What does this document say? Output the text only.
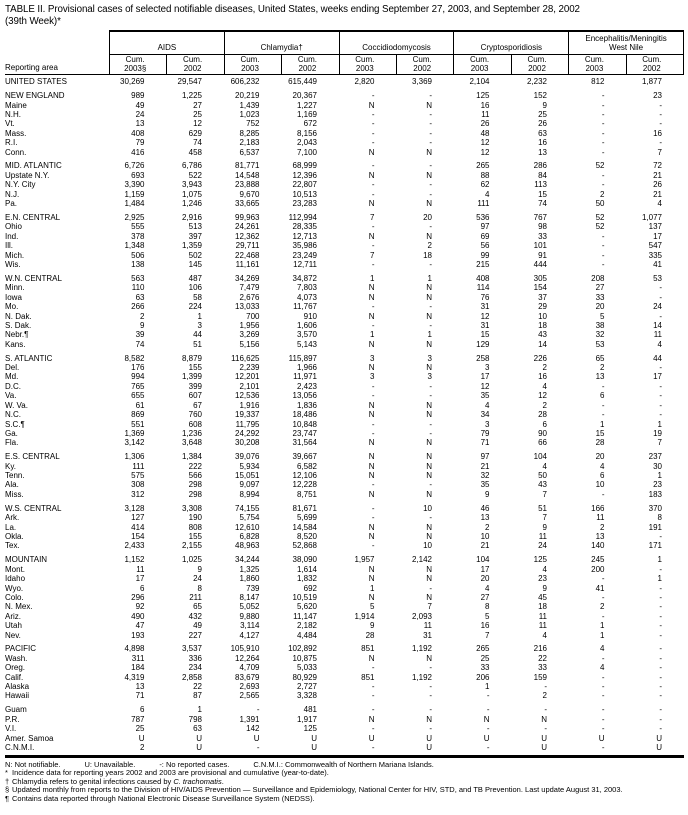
TABLE II. Provisional cases of selected notifiable diseases, United States, weeks ending September 27, 2003, and September 28, 2002
(39th Week)*
Reporting area
AIDS
Cum.
2003§
Cum.
2002
Chlamydia†
Cum.
2003
Cum.
2002
Coccidiodomycosis
Cum.
2003
Cum.
2002
Cryptosporidiosis
Cum.
2003
Cum.
2002
Encephalitis/Meningitis
West Nile
Cum.
2003
Cum.
2002
UNITED STATES	30,269	29,547	606,232	615,449	2,820	3,369	2,104	2,232	812	1,877
NEW ENGLAND	989	1,225	20,219	20,367	-	-	125	152	-	23
Maine	49	27	1,439	1,227	N	N	16	9	-	-
N.H.	24	25	1,023	1,169	-	-	11	25	-	-
Vt.	13	12	752	672	-	-	26	26	-	-
Mass.	408	629	8,285	8,156	-	-	48	63	-	16
R.I.	79	74	2,183	2,043	-	-	12	16	-	-
Conn.	416	458	6,537	7,100	N	N	12	13	-	7
MID. ATLANTIC	6,726	6,786	81,771	68,999	-	-	265	286	52	72
Upstate N.Y.	693	522	14,548	12,396	N	N	88	84	-	21
N.Y. City	3,390	3,943	23,888	22,807	-	-	62	113	-	26
N.J.	1,159	1,075	9,670	10,513	-	-	4	15	2	21
Pa.	1,484	1,246	33,665	23,283	N	N	111	74	50	4
E.N. CENTRAL	2,925	2,916	99,963	112,994	7	20	536	767	52	1,077
Ohio	555	513	24,261	28,335	-	-	97	98	52	137
Ind.	378	397	12,362	12,713	N	N	69	33	-	17
Ill.	1,348	1,359	29,711	35,986	-	2	56	101	-	547
Mich.	506	502	22,468	23,249	7	18	99	91	-	335
Wis.	138	145	11,161	12,711	-	-	215	444	-	41
W.N. CENTRAL	563	487	34,269	34,872	1	1	408	305	208	53
Minn.	110	106	7,479	7,803	N	N	114	154	27	-
Iowa	63	58	2,676	4,073	N	N	76	37	33	-
Mo.	266	224	13,033	11,767	-	-	31	29	20	24
N. Dak.	2	1	700	910	N	N	12	10	5	-
S. Dak.	9	3	1,956	1,606	-	-	31	18	38	14
Nebr.¶	39	44	3,269	3,570	1	1	15	43	32	11
Kans.	74	51	5,156	5,143	N	N	129	14	53	4
S. ATLANTIC	8,582	8,879	116,625	115,897	3	3	258	226	65	44
Del.	176	155	2,239	1,966	N	N	3	2	2	-
Md.	994	1,399	12,201	11,971	3	3	17	16	13	17
D.C.	765	399	2,101	2,423	-	-	12	4	-	-
Va.	655	607	12,536	13,056	-	-	35	12	6	-
W. Va.	61	67	1,916	1,836	N	N	4	2	-	-
N.C.	869	760	19,337	18,486	N	N	34	28	-	-
S.C.¶	551	608	11,795	10,848	-	-	3	6	1	1
Ga.	1,369	1,236	24,292	23,747	-	-	79	90	15	19
Fla.	3,142	3,648	30,208	31,564	N	N	71	66	28	7
E.S. CENTRAL	1,306	1,384	39,076	39,667	N	N	97	104	20	237
Ky.	111	222	5,934	6,582	N	N	21	4	4	30
Tenn.	575	566	15,051	12,106	N	N	32	50	6	1
Ala.	308	298	9,097	12,228	-	-	35	43	10	23
Miss.	312	298	8,994	8,751	N	N	9	7	-	183
W.S. CENTRAL	3,128	3,308	74,155	81,671	-	10	46	51	166	370
Ark.	127	190	5,754	5,699	-	-	13	7	11	8
La.	414	808	12,610	14,584	N	N	2	9	2	191
Okla.	154	155	6,828	8,520	N	N	10	11	13	-
Tex.	2,433	2,155	48,963	52,868	-	10	21	24	140	171
MOUNTAIN	1,152	1,025	34,244	38,090	1,957	2,142	104	125	245	1
Mont.	11	9	1,325	1,614	N	N	17	4	200	-
Idaho	17	24	1,860	1,832	N	N	20	23	-	1
Wyo.	6	8	739	692	1	-	4	9	41	-
Colo.	296	211	8,147	10,519	N	N	27	45	-	-
N. Mex.	92	65	5,052	5,620	5	7	8	18	2	-
Ariz.	490	432	9,880	11,147	1,914	2,093	5	11	-	-
Utah	47	49	3,114	2,182	9	11	16	11	1	-
Nev.	193	227	4,127	4,484	28	31	7	4	1	-
PACIFIC	4,898	3,537	105,910	102,892	851	1,192	265	216	4	-
Wash.	311	336	12,264	10,875	N	N	25	22	-	-
Oreg.	184	234	4,709	5,033	-	-	33	33	4	-
Calif.	4,319	2,858	83,679	80,929	851	1,192	206	159	-	-
Alaska	13	22	2,693	2,727	-	-	1	-	-	-
Hawaii	71	87	2,565	3,328	-	-	-	2	-	-
Guam	6	1	-	481	-	-	-	-	-	-
P.R.	787	798	1,391	1,917	N	N	N	N	-	-
V.I.	25	63	142	125	-	-	-	-	-	-
Amer. Samoa	U	U	U	U	U	U	U	U	U	U
C.N.M.I.	2	U	-	U	-	U	-	U	-	U
N: Not notifiable.	U: Unavailable.	-: No reported cases.	C.N.M.I.: Commonwealth of Northern Mariana Islands.
* Incidence data for reporting years 2002 and 2003 are provisional and cumulative (year-to-date).
† Chlamydia refers to genital infections caused by C. trachomatis.
§ Updated monthly from reports to the Division of HIV/AIDS Prevention — Surveillance and Epidemiology, National Center for HIV, STD, and TB Prevention. Last update August 31, 2003.
¶ Contains data reported through National Electronic Disease Surveillance System (NEDSS).
